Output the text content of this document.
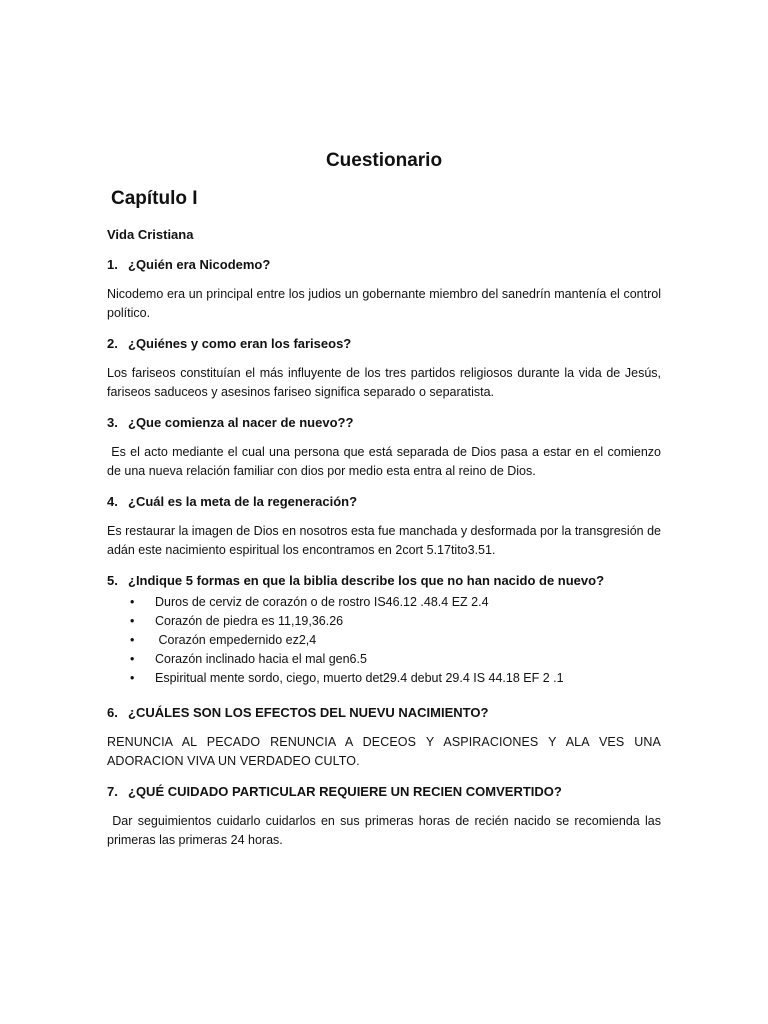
Cuestionario
Capítulo I
Vida Cristiana
1. ¿Quién era Nicodemo?

Nicodemo era un principal entre los judios un gobernante miembro del sanedrín mantenía el control político.

2. ¿Quiénes y como eran los fariseos?

Los fariseos constituían el más influyente de los tres partidos religiosos durante la vida de Jesús, fariseos saduceos y asesinos fariseo significa separado o separatista.

3. ¿Que comienza al nacer de nuevo??

Es el acto mediante el cual una persona que está separada de Dios pasa a estar en el comienzo de una nueva relación familiar con dios por medio esta entra al reino de Dios.

4. ¿Cuál es la meta de la regeneración?

Es restaurar la imagen de Dios en nosotros esta fue manchada y desformada por la transgresión de adán este nacimiento espiritual los encontramos en 2cort 5.17tito3.51.

5. ¿Indique 5 formas en que la biblia describe los que no han nacido de nuevo?
• Duros de cerviz de corazón o de rostro IS46.12 .48.4 EZ 2.4
• Corazón de piedra es 11,19,36.26
• Corazón empedernido ez2,4
• Corazón inclinado hacia el mal gen6.5
• Espiritual mente sordo, ciego, muerto det29.4 debut 29.4 IS 44.18 EF 2 .1
6. ¿CUÁLES SON LOS EFECTOS DEL NUEVU NACIMIENTO?

RENUNCIA AL PECADO RENUNCIA A DECEOS Y ASPIRACIONES Y ALA VES UNA ADORACION VIVA UN VERDADEO CULTO.

7. ¿QUÉ CUIDADO PARTICULAR REQUIERE UN RECIEN COMVERTIDO?

Dar seguimientos cuidarlo cuidarlos en sus primeras horas de recién nacido se recomienda las primeras las primeras 24 horas.
